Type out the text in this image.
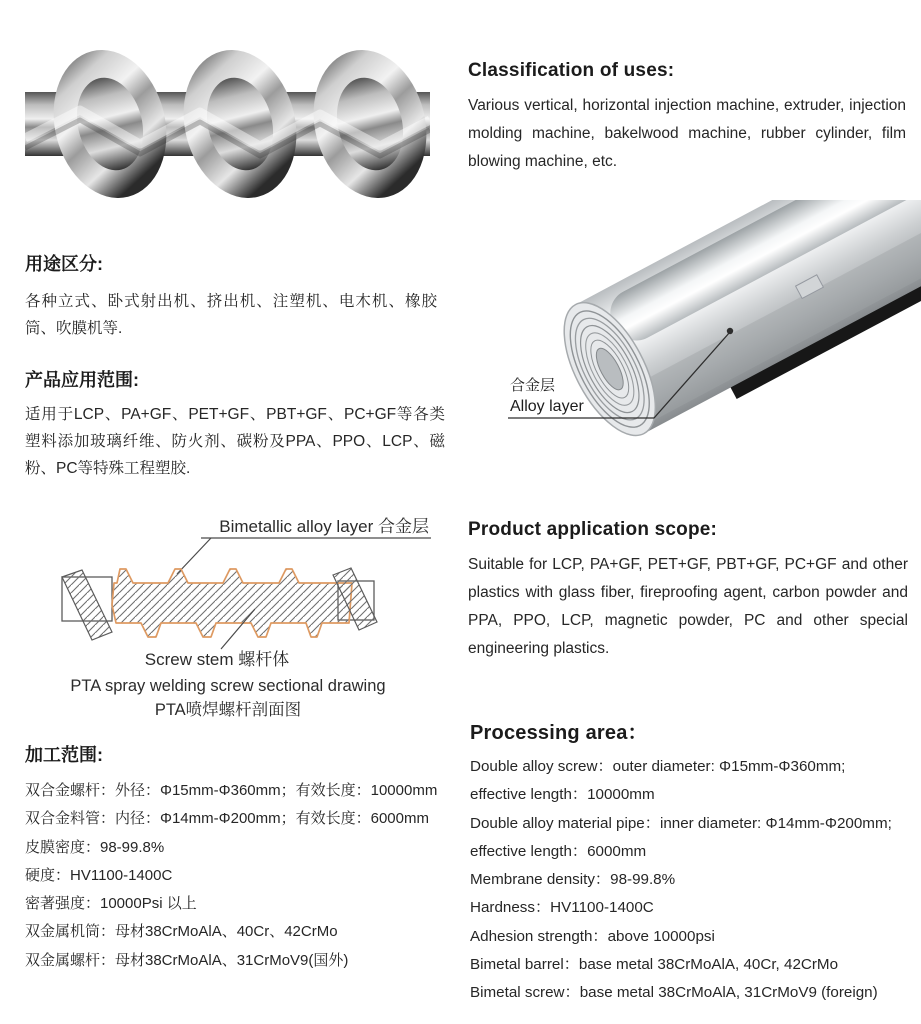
Classification of uses:

Various vertical, horizontal injection machine, extruder, injection molding machine, bakelwood machine, rubber cylinder, film blowing machine, etc.

用途区分:

各种立式、卧式射出机、挤出机、注塑机、电木机、橡胶筒、吹膜机等.

产品应用范围:

适用于LCP、PA+GF、PET+GF、PBT+GF、PC+GF等各类塑料添加玻璃纤维、防火剂、碳粉及PPA、PPO、LCP、磁粉、PC等特殊工程塑胶.

合金层
Alloy layer
Bimetallic alloy layer 合金层
Screw stem 螺杆体
PTA spray welding screw sectional drawing
PTA喷焊螺杆剖面图
Product application scope:

Suitable for LCP, PA+GF, PET+GF, PBT+GF, PC+GF and other plastics with glass fiber, fireproofing agent, carbon powder and PPA, PPO, LCP, magnetic powder, PC and other special engineering plastics.

加工范围:
双合金螺杆：外径：Φ15mm-Φ360mm；有效长度：10000mm
双合金料管：内径：Φ14mm-Φ200mm；有效长度：6000mm
皮膜密度：98-99.8%
硬度：HV1100-1400C
密著强度：10000Psi 以上
双金属机筒：母材38CrMoAlA、40Cr、42CrMo
双金属螺杆：母材38CrMoAlA、31CrMoV9(国外)
Processing area：
Double alloy screw：outer diameter: Φ15mm-Φ360mm;
effective length：10000mm
Double alloy material pipe：inner diameter: Φ14mm-Φ200mm;
effective length：6000mm
Membrane density：98-99.8%
Hardness：HV1100-1400C
Adhesion strength：above 10000psi
Bimetal barrel：base metal 38CrMoAlA, 40Cr, 42CrMo
Bimetal screw：base metal 38CrMoAlA, 31CrMoV9 (foreign)
